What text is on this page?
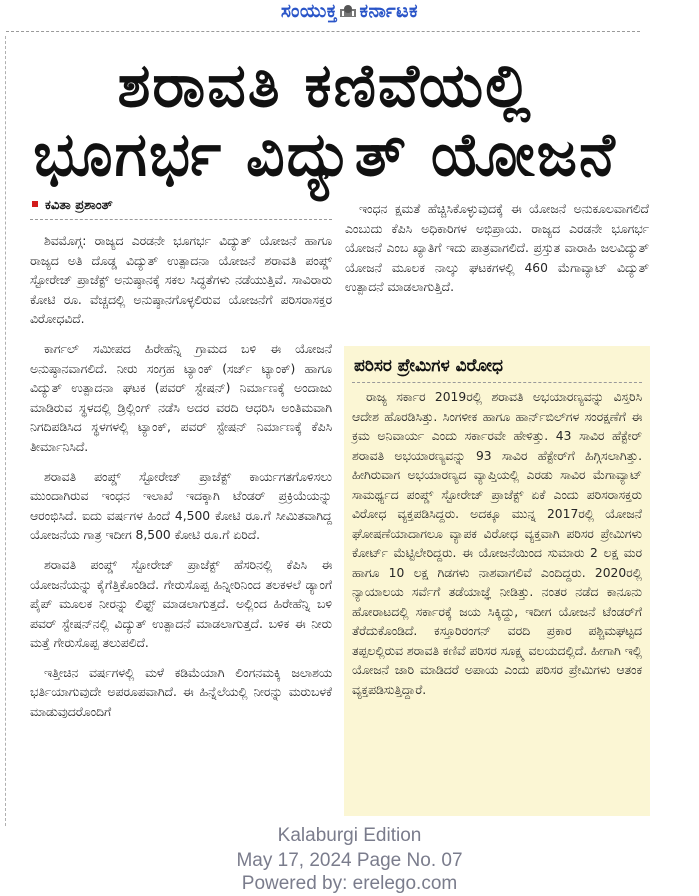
ಸಂಯುಕ್ತ ಕರ್ನಾಟಕ
ಶರಾವತಿ ಕಣಿವೆಯಲ್ಲಿ
ಭೂಗರ್ಭ ವಿದ್ಯುತ್ ಯೋಜನೆ
ಕವಿತಾ ಪ್ರಶಾಂತ್

ಶಿವಮೊಗ್ಗ: ರಾಜ್ಯದ ಎರಡನೇ ಭೂಗರ್ಭ ವಿದ್ಯುತ್ ಯೋಜನೆ ಹಾಗೂ ರಾಜ್ಯದ ಅತಿ ದೊಡ್ಡ ವಿದ್ಯುತ್ ಉತ್ಪಾದನಾ ಯೋಜನೆ ಶರಾವತಿ ಪಂಪ್ಡ್ ಸ್ಟೋರೇಜ್ ಪ್ರಾಜೆಕ್ಟ್ ಅನುಷ್ಠಾನಕ್ಕೆ ಸಕಲ ಸಿದ್ಧತೆಗಳು ನಡೆಯುತ್ತಿವೆ. ಸಾವಿರಾರು ಕೋಟಿ ರೂ. ವೆಚ್ಚದಲ್ಲಿ ಅನುಷ್ಠಾನಗೊಳ್ಳಲಿರುವ ಯೋಜನೆಗೆ ಪರಿಸರಾಸಕ್ತರ ವಿರೋಧವಿದೆ.

ಕಾರ್ಗಲ್ ಸಮೀಪದ ಹಿರೇಹೆನ್ನಿ ಗ್ರಾಮದ ಬಳಿ ಈ ಯೋಜನೆ ಅನುಷ್ಠಾನವಾಗಲಿದೆ. ನೀರು ಸಂಗ್ರಹ ಟ್ಯಾಂಕ್ (ಸರ್ಜ್ ಟ್ಯಾಂಕ್) ಹಾಗೂ ವಿದ್ಯುತ್ ಉತ್ಪಾದನಾ ಘಟಕ (ಪವರ್ ಸ್ಟೇಷನ್) ನಿರ್ಮಾಣಕ್ಕೆ ಅಂದಾಜು ಮಾಡಿರುವ ಸ್ಥಳದಲ್ಲಿ ಡ್ರಿಲ್ಲಿಂಗ್ ನಡೆಸಿ ಅದರ ವರದಿ ಆಧರಿಸಿ ಅಂತಿಮವಾಗಿ ನಿಗದಿಪಡಿಸಿದ ಸ್ಥಳಗಳಲ್ಲಿ ಟ್ಯಾಂಕ್, ಪವರ್ ಸ್ಟೇಷನ್ ನಿರ್ಮಾಣಕ್ಕೆ ಕೆಪಿಸಿ ತೀರ್ಮಾನಿಸಿದೆ.

ಶರಾವತಿ ಪಂಪ್ಡ್ ಸ್ಟೋರೇಜ್ ಪ್ರಾಜೆಕ್ಟ್ ಕಾರ್ಯಗತಗೊಳಿಸಲು ಮುಂದಾಗಿರುವ ಇಂಧನ ಇಲಾಖೆ ಇದಕ್ಕಾಗಿ ಟೆಂಡರ್ ಪ್ರಕ್ರಿಯೆಯನ್ನು ಆರಂಭಿಸಿದೆ. ಐದು ವರ್ಷಗಳ ಹಿಂದೆ 4,500 ಕೋಟಿ ರೂ.ಗೆ ಸೀಮಿತವಾಗಿದ್ದ ಯೋಜನೆಯ ಗಾತ್ರ ಇದೀಗ 8,500 ಕೋಟಿ ರೂ.ಗೆ ಏರಿದೆ.

ಶರಾವತಿ ಪಂಪ್ಡ್ ಸ್ಟೋರೇಜ್ ಪ್ರಾಜೆಕ್ಟ್ ಹೆಸರಿನಲ್ಲಿ ಕೆಪಿಸಿ ಈ ಯೋಜನೆಯನ್ನು ಕೈಗೆತ್ತಿಕೊಂಡಿದೆ. ಗೇರುಸೊಪ್ಪ ಹಿನ್ನೀರಿನಿಂದ ತಲಕಳಲೆ ಡ್ಯಾಂಗೆ ಪೈಪ್ ಮೂಲಕ ನೀರನ್ನು ಲಿಫ್ಟ್ ಮಾಡಲಾಗುತ್ತದೆ. ಅಲ್ಲಿಂದ ಹಿರೇಹೆನ್ನಿ ಬಳಿ ಪವರ್ ಸ್ಟೇಷನ್‌ನಲ್ಲಿ ವಿದ್ಯುತ್ ಉತ್ಪಾದನೆ ಮಾಡಲಾಗುತ್ತದೆ. ಬಳಿಕ ಈ ನೀರು ಮತ್ತೆ ಗೇರುಸೊಪ್ಪ ತಲುಪಲಿದೆ.

ಇತ್ತೀಚಿನ ವರ್ಷಗಳಲ್ಲಿ ಮಳೆ ಕಡಿಮೆಯಾಗಿ ಲಿಂಗನಮಕ್ಕಿ ಜಲಾಶಯ ಭರ್ತಿಯಾಗುವುದೇ ಅಪರೂಪವಾಗಿದೆ. ಈ ಹಿನ್ನೆಲೆಯಲ್ಲಿ ನೀರನ್ನು ಮರುಬಳಕೆ ಮಾಡುವುದರೊಂದಿಗೆ

ಇಂಧನ ಕ್ಷಮತೆ ಹೆಚ್ಚಿಸಿಕೊಳ್ಳುವುದಕ್ಕೆ ಈ ಯೋಜನೆ ಅನುಕೂಲವಾಗಲಿದೆ ಎಂಬುದು ಕೆಪಿಸಿ ಅಧಿಕಾರಿಗಳ ಅಭಿಪ್ರಾಯ. ರಾಜ್ಯದ ಎರಡನೇ ಭೂಗರ್ಭ ಯೋಜನೆ ಎಂಬ ಖ್ಯಾತಿಗೆ ಇದು ಪಾತ್ರವಾಗಲಿದೆ. ಪ್ರಸ್ತುತ ವಾರಾಹಿ ಜಲವಿದ್ಯುತ್ ಯೋಜನೆ ಮೂಲಕ ನಾಲ್ಕು ಘಟಕಗಳಲ್ಲಿ 460 ಮೆಗಾವ್ಯಾಟ್ ವಿದ್ಯುತ್ ಉತ್ಪಾದನೆ ಮಾಡಲಾಗುತ್ತಿದೆ.

ಪರಿಸರ ಪ್ರೇಮಿಗಳ ವಿರೋಧ

ರಾಜ್ಯ ಸರ್ಕಾರ 2019ರಲ್ಲಿ ಶರಾವತಿ ಅಭಯಾರಣ್ಯವನ್ನು ವಿಸ್ತರಿಸಿ ಆದೇಶ ಹೊರಡಿಸಿತ್ತು. ಸಿಂಗಳೀಕ ಹಾಗೂ ಹಾರ್ನ್‌ಬಿಲ್‌ಗಳ ಸಂರಕ್ಷಣೆಗೆ ಈ ಕ್ರಮ ಅನಿವಾರ್ಯ ಎಂದು ಸರ್ಕಾರವೇ ಹೇಳಿತ್ತು. 43 ಸಾವಿರ ಹೆಕ್ಟೇರ್ ಶರಾವತಿ ಅಭಯಾರಣ್ಯವನ್ನು 93 ಸಾವಿರ ಹೆಕ್ಟೇರ್‌ಗೆ ಹಿಗ್ಗಿಸಲಾಗಿತ್ತು. ಹೀಗಿರುವಾಗ ಅಭಯಾರಣ್ಯದ ವ್ಯಾಪ್ತಿಯಲ್ಲಿ ಎರಡು ಸಾವಿರ ಮೆಗಾವ್ಯಾಟ್ ಸಾಮರ್ಥ್ಯದ ಪಂಪ್ಡ್ ಸ್ಟೋರೇಜ್ ಪ್ರಾಜೆಕ್ಟ್ ಏಕೆ ಎಂದು ಪರಿಸರಾಸಕ್ತರು ವಿರೋಧ ವ್ಯಕ್ತಪಡಿಸಿದ್ದರು. ಅದಕ್ಕೂ ಮುನ್ನ 2017ರಲ್ಲಿ ಯೋಜನೆ ಘೋಷಣೆಯಾದಾಗಲೂ ವ್ಯಾಪಕ ವಿರೋಧ ವ್ಯಕ್ತವಾಗಿ ಪರಿಸರ ಪ್ರೇಮಿಗಳು ಕೋರ್ಟ್ ಮೆಟ್ಟಿಲೇರಿದ್ದರು. ಈ ಯೋಜನೆಯಿಂದ ಸುಮಾರು 2 ಲಕ್ಷ ಮರ ಹಾಗೂ 10 ಲಕ್ಷ ಗಿಡಗಳು ನಾಶವಾಗಲಿವೆ ಎಂದಿದ್ದರು. 2020ರಲ್ಲಿ ನ್ಯಾಯಾಲಯ ಸರ್ವೆಗೆ ತಡೆಯಾಜ್ಞೆ ನೀಡಿತ್ತು. ನಂತರ ನಡೆದ ಕಾನೂನು ಹೋರಾಟದಲ್ಲಿ ಸರ್ಕಾರಕ್ಕೆ ಜಯ ಸಿಕ್ಕಿದ್ದು, ಇದೀಗ ಯೋಜನೆ ಟೆಂಡರ್‌ಗೆ ತೆರೆದುಕೊಂಡಿದೆ. ಕಸ್ತೂರಿರಂಗನ್ ವರದಿ ಪ್ರಕಾರ ಪಶ್ಚಿಮಘಟ್ಟದ ತಪ್ಪಲಲ್ಲಿರುವ ಶರಾವತಿ ಕಣಿವೆ ಪರಿಸರ ಸೂಕ್ಷ್ಮ ವಲಯದಲ್ಲಿದೆ. ಹೀಗಾಗಿ ಇಲ್ಲಿ ಯೋಜನೆ ಜಾರಿ ಮಾಡಿದರೆ ಅಪಾಯ ಎಂದು ಪರಿಸರ ಪ್ರೇಮಿಗಳು ಆತಂಕ ವ್ಯಕ್ತಪಡಿಸುತ್ತಿದ್ದಾರೆ.

Kalaburgi Edition
May 17, 2024 Page No. 07
Powered by: erelego.com
